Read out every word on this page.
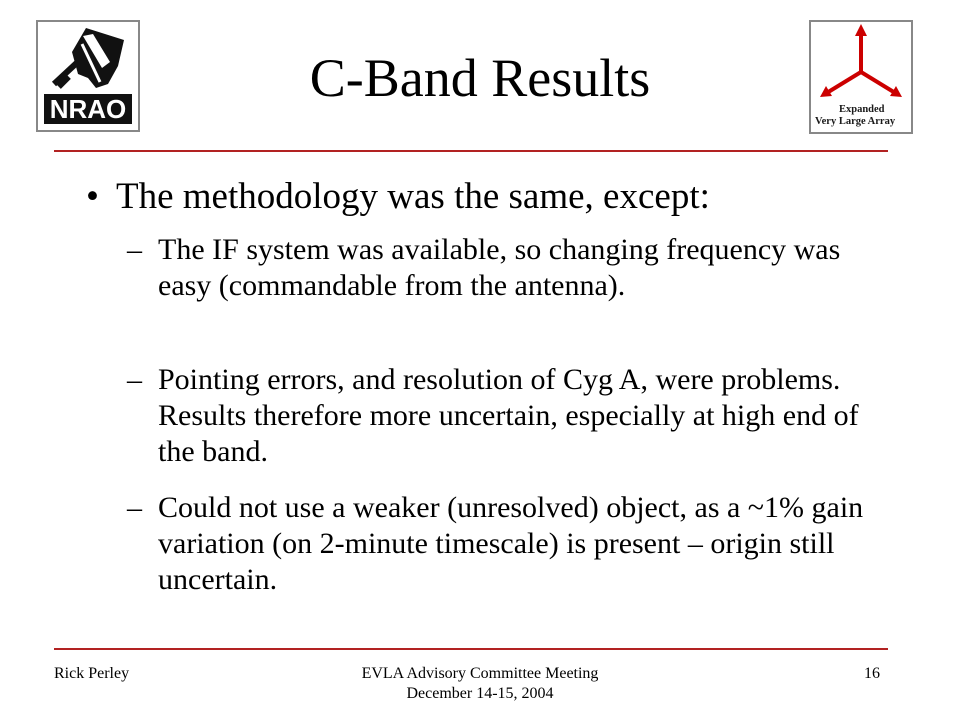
NRAO	Expanded
Very Large Array
C-Band Results
• The methodology was the same, except:
– The IF system was available, so changing frequency was easy (commandable from the antenna).
– Pointing errors, and resolution of Cyg A, were problems. Results therefore more uncertain, especially at high end of the band.
– Could not use a weaker (unresolved) object, as a ~1% gain variation (on 2-minute timescale) is present – origin still uncertain.
Rick Perley	EVLA Advisory Committee Meeting
December 14-15, 2004
16
